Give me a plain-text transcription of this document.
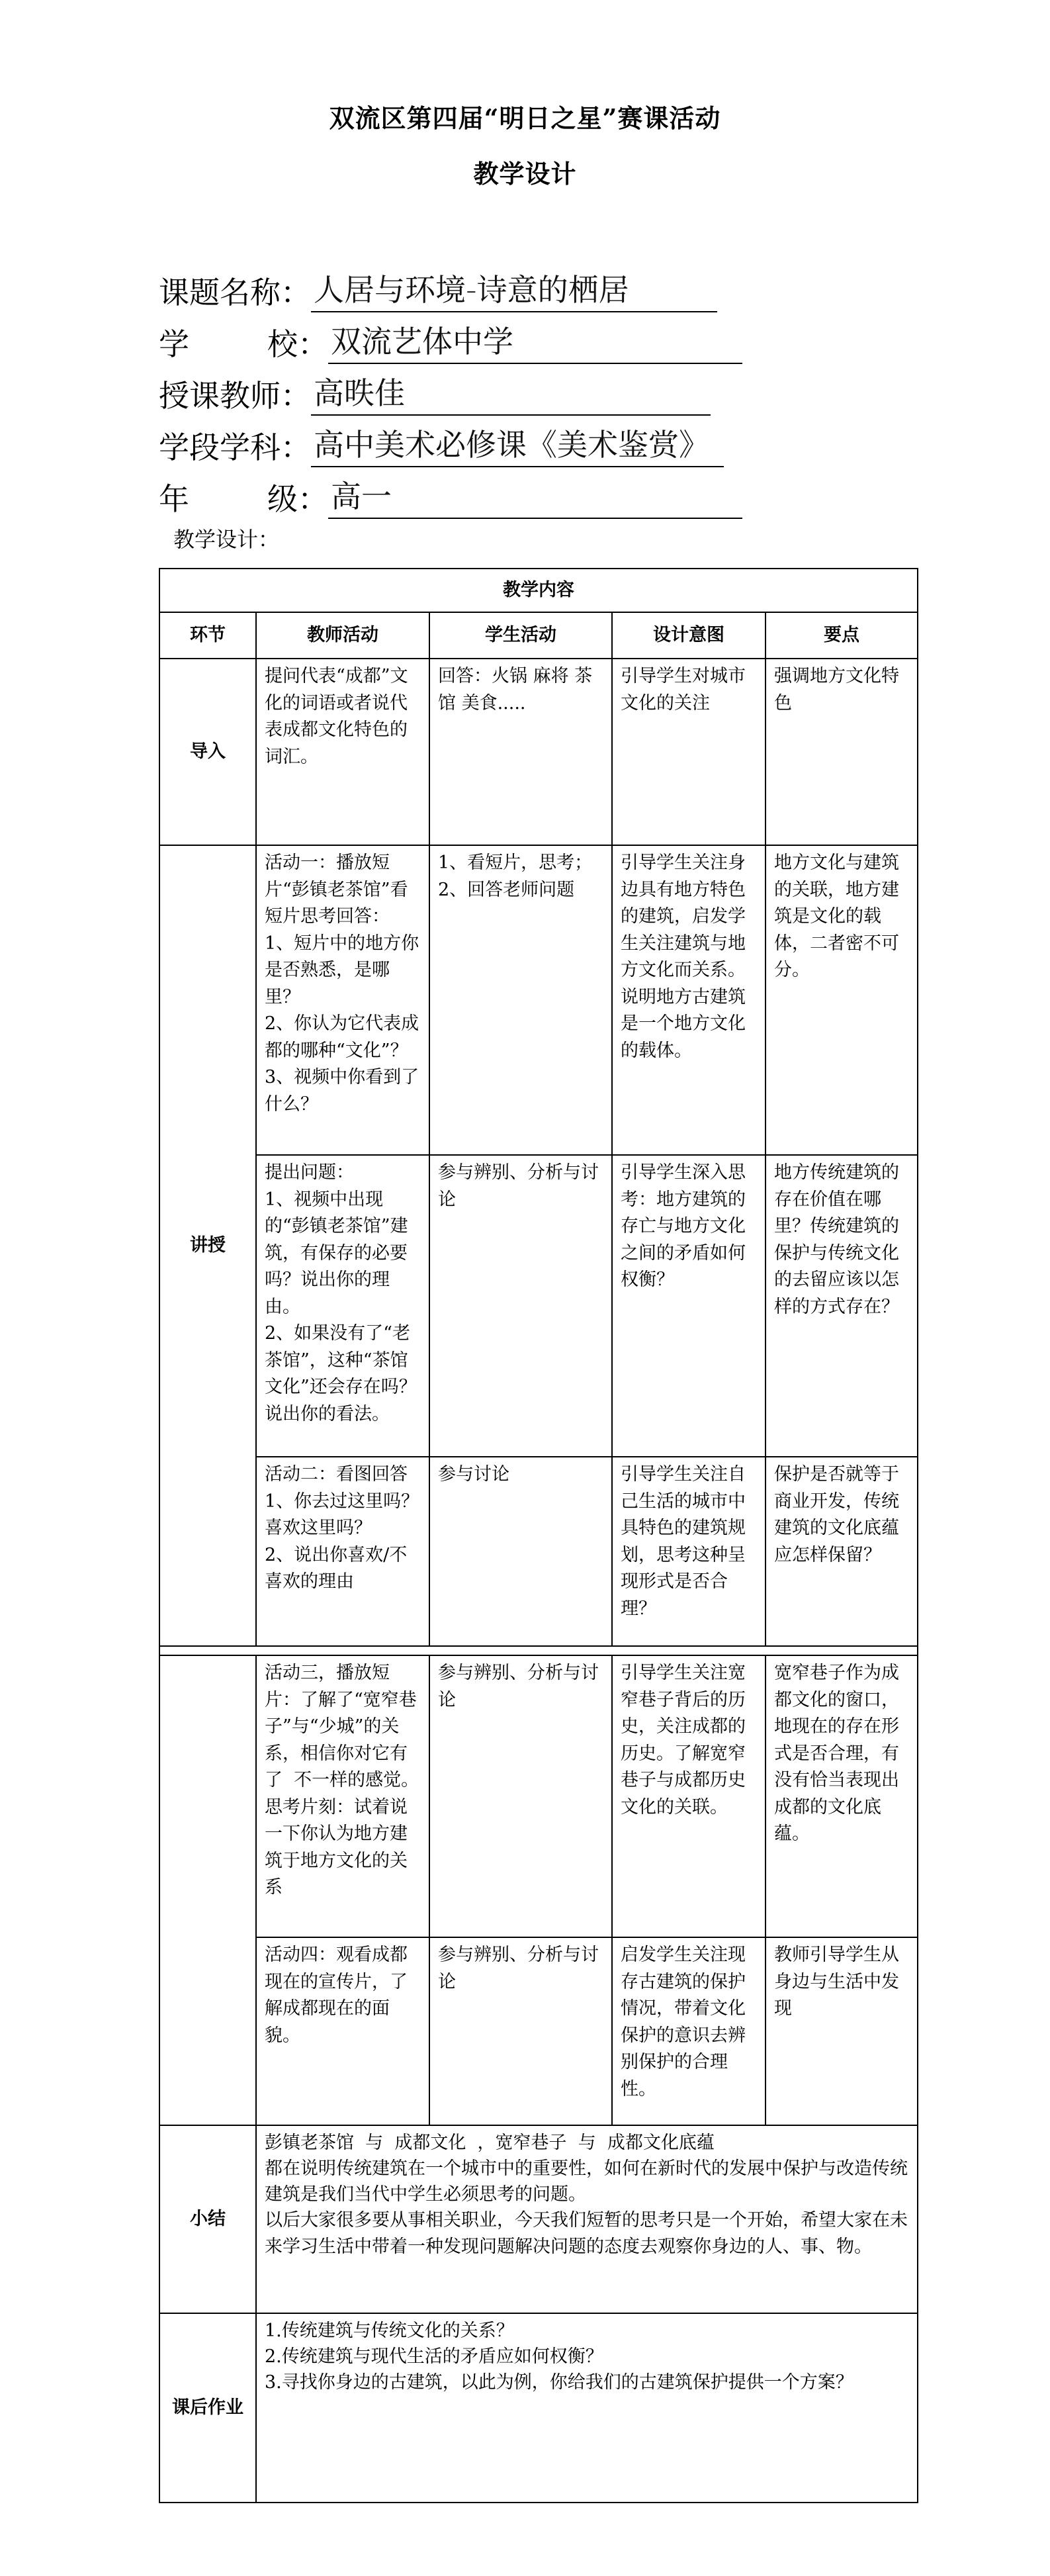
双流区第四届“明日之星”赛课活动
教学设计
课题名称： 人居与环境-诗意的栖居
学	校： 双流艺体中学
授课教师： 高昳佳
学段学科： 高中美术必修课《美术鉴赏》
年	级： 高一
教学设计：
教学内容				
环节	教师活动	学生活动	设计意图	要点
导入	提问代表“成都”文化的词语或者说代表成都文化特色的词汇。	回答：火锅 麻将 茶馆 美食.....	引导学生对城市文化的关注	强调地方文化特色
讲授	活动一：播放短片“彭镇老茶馆”看短片思考回答：
1、短片中的地方你是否熟悉，是哪里？
2、你认为它代表成都的哪种“文化”？
3、视频中你看到了什么？	1、看短片，思考；
2、回答老师问题	引导学生关注身边具有地方特色的建筑，启发学生关注建筑与地方文化而关系。说明地方古建筑是一个地方文化的载体。	地方文化与建筑的关联，地方建筑是文化的载体，二者密不可分。
	提出问题：
1、视频中出现的“彭镇老茶馆”建筑，有保存的必要吗？说出你的理由。
2、如果没有了“老茶馆”，这种“茶馆文化”还会存在吗？说出你的看法。	参与辨别、分析与讨论	引导学生深入思考：地方建筑的存亡与地方文化之间的矛盾如何权衡？	地方传统建筑的存在价值在哪里？传统建筑的保护与传统文化的去留应该以怎样的方式存在？
	活动二：看图回答
1、你去过这里吗？喜欢这里吗？
2、说出你喜欢/不喜欢的理由	参与讨论	引导学生关注自己生活的城市中具特色的建筑规划，思考这种呈现形式是否合理？	保护是否就等于商业开发，传统建筑的文化底蕴应怎样保留？

	活动三，播放短片：了解了“宽窄巷子”与“少城”的关系，相信你对它有了  不一样的感觉。
思考片刻：试着说一下你认为地方建筑于地方文化的关系	参与辨别、分析与讨论	引导学生关注宽窄巷子背后的历史，关注成都的历史。了解宽窄巷子与成都历史文化的关联。	宽窄巷子作为成都文化的窗口，地现在的存在形式是否合理，有没有恰当表现出成都的文化底蕴。
	活动四：观看成都现在的宣传片，了解成都现在的面貌。	参与辨别、分析与讨论	启发学生关注现存古建筑的保护情况，带着文化保护的意识去辨别保护的合理性。	教师引导学生从身边与生活中发现
小结	彭镇老茶馆  与  成都文化  ，宽窄巷子  与  成都文化底蕴
都在说明传统建筑在一个城市中的重要性，如何在新时代的发展中保护与改造传统建筑是我们当代中学生必须思考的问题。
以后大家很多要从事相关职业，今天我们短暂的思考只是一个开始，希望大家在未来学习生活中带着一种发现问题解决问题的态度去观察你身边的人、事、物。			
课后作业	1.传统建筑与传统文化的关系？
2.传统建筑与现代生活的矛盾应如何权衡？
3.寻找你身边的古建筑，以此为例，你给我们的古建筑保护提供一个方案？			
